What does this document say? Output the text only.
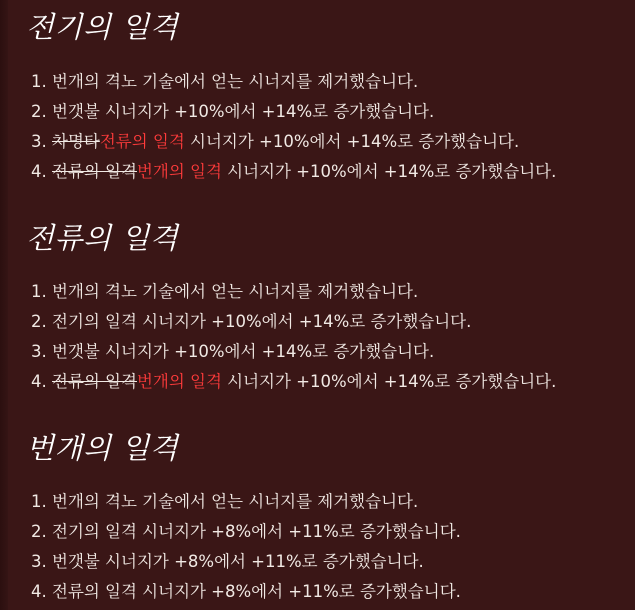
전기의 일격
1. 번개의 격노 기술에서 얻는 시너지를 제거했습니다.
2. 번갯불 시너지가 +10%에서 +14%로 증가했습니다.
3. 차명타전류의 일격 시너지가 +10%에서 +14%로 증가했습니다.
4. 전류의 일격번개의 일격 시너지가 +10%에서 +14%로 증가했습니다.
전류의 일격
1. 번개의 격노 기술에서 얻는 시너지를 제거했습니다.
2. 전기의 일격 시너지가 +10%에서 +14%로 증가했습니다.
3. 번갯불 시너지가 +10%에서 +14%로 증가했습니다.
4. 전류의 일격번개의 일격 시너지가 +10%에서 +14%로 증가했습니다.
번개의 일격
1. 번개의 격노 기술에서 얻는 시너지를 제거했습니다.
2. 전기의 일격 시너지가 +8%에서 +11%로 증가했습니다.
3. 번갯불 시너지가 +8%에서 +11%로 증가했습니다.
4. 전류의 일격 시너지가 +8%에서 +11%로 증가했습니다.
